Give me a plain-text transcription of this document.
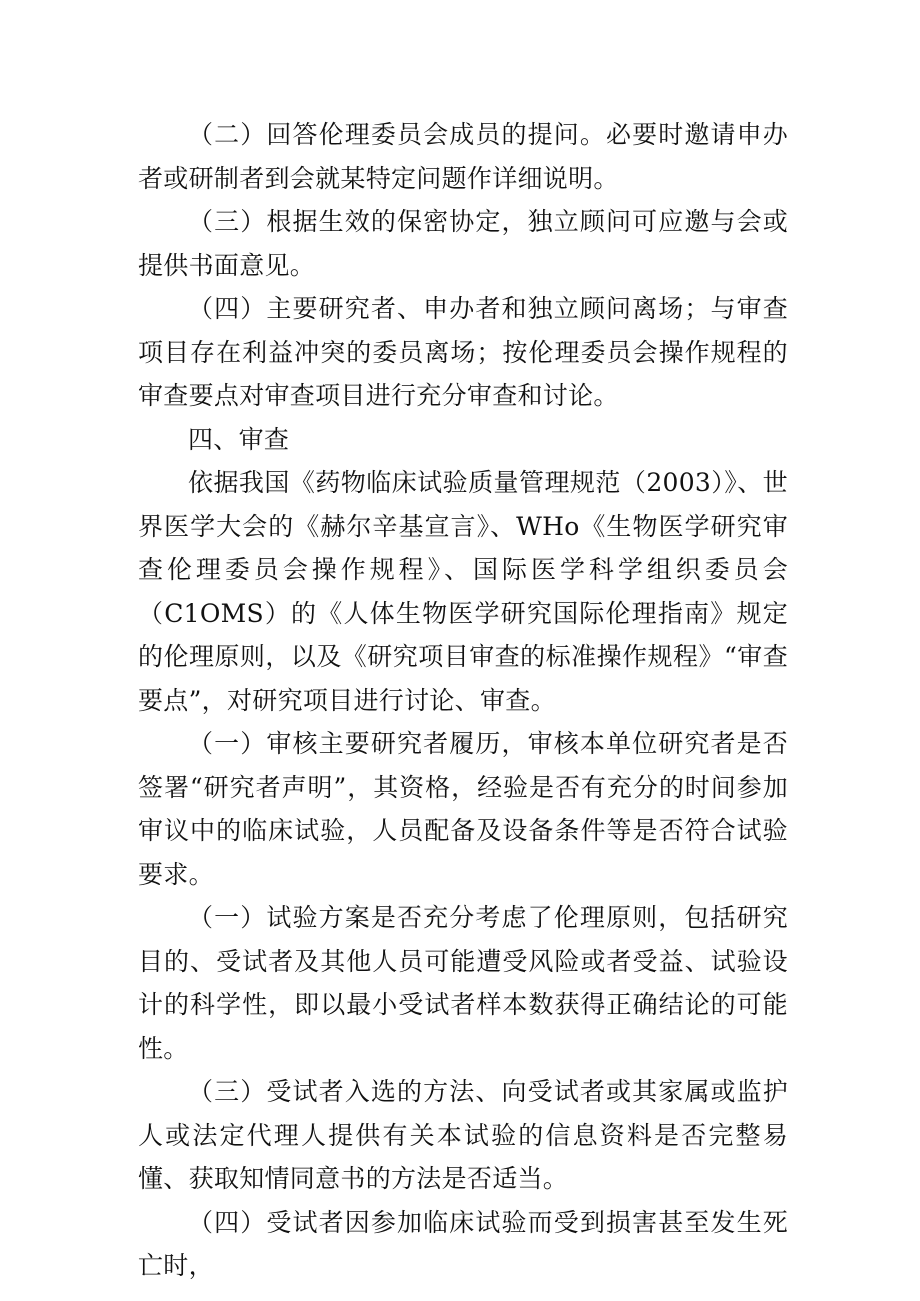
（二）回答伦理委员会成员的提问。必要时邀请申办者或研制者到会就某特定问题作详细说明。

（三）根据生效的保密协定，独立顾问可应邀与会或提供书面意见。

（四）主要研究者、申办者和独立顾问离场；与审查项目存在利益冲突的委员离场；按伦理委员会操作规程的审查要点对审查项目进行充分审查和讨论。

四、审查

依据我国《药物临床试验质量管理规范（2003）》、世界医学大会的《赫尔辛基宣言》、WHo《生物医学研究审查伦理委员会操作规程》、国际医学科学组织委员会（C1OMS）的《人体生物医学研究国际伦理指南》规定的伦理原则，以及《研究项目审查的标准操作规程》“审查要点”，对研究项目进行讨论、审查。

（一）审核主要研究者履历，审核本单位研究者是否签署“研究者声明”，其资格，经验是否有充分的时间参加审议中的临床试验，人员配备及设备条件等是否符合试验要求。

（一）试验方案是否充分考虑了伦理原则，包括研究目的、受试者及其他人员可能遭受风险或者受益、试验设计的科学性，即以最小受试者样本数获得正确结论的可能性。

（三）受试者入选的方法、向受试者或其家属或监护人或法定代理人提供有关本试验的信息资料是否完整易懂、获取知情同意书的方法是否适当。

（四）受试者因参加临床试验而受到损害甚至发生死亡时，
